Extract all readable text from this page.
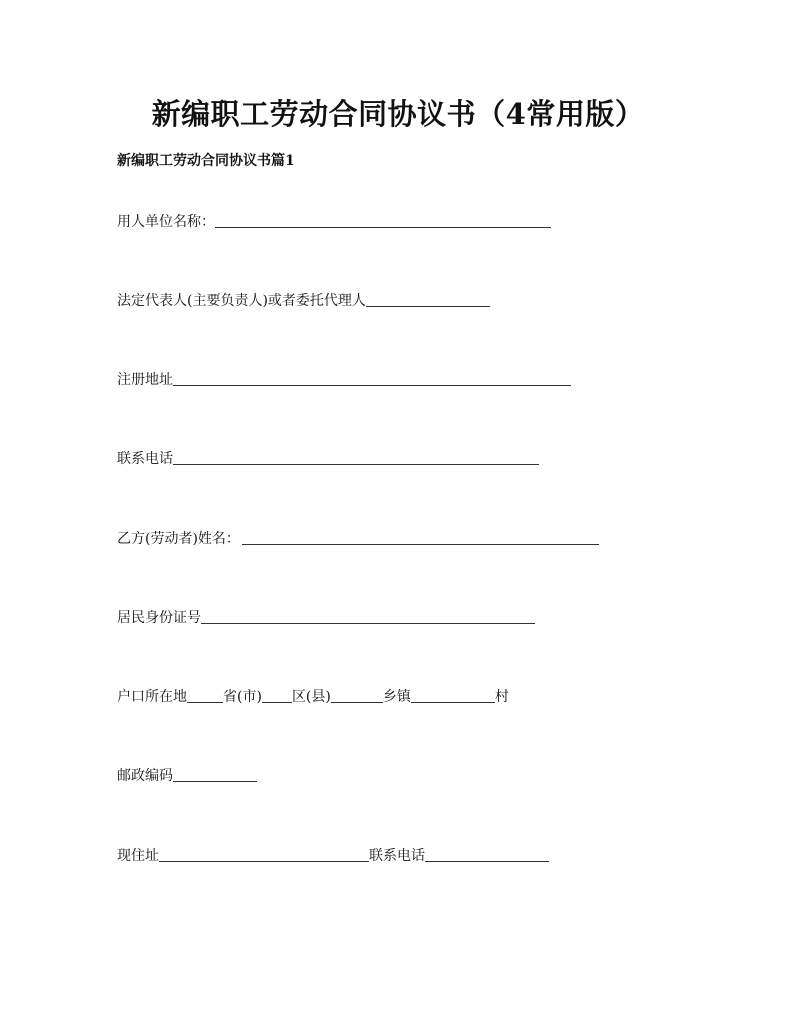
新编职工劳动合同协议书（4常用版）
新编职工劳动合同协议书篇1
用人单位名称：
法定代表人(主要负责人)或者委托代理人
注册地址
联系电话
乙方(劳动者)姓名：
居民身份证号
户口所在地	省(市) 区(县)	乡镇	村
邮政编码
现住址	联系电话
